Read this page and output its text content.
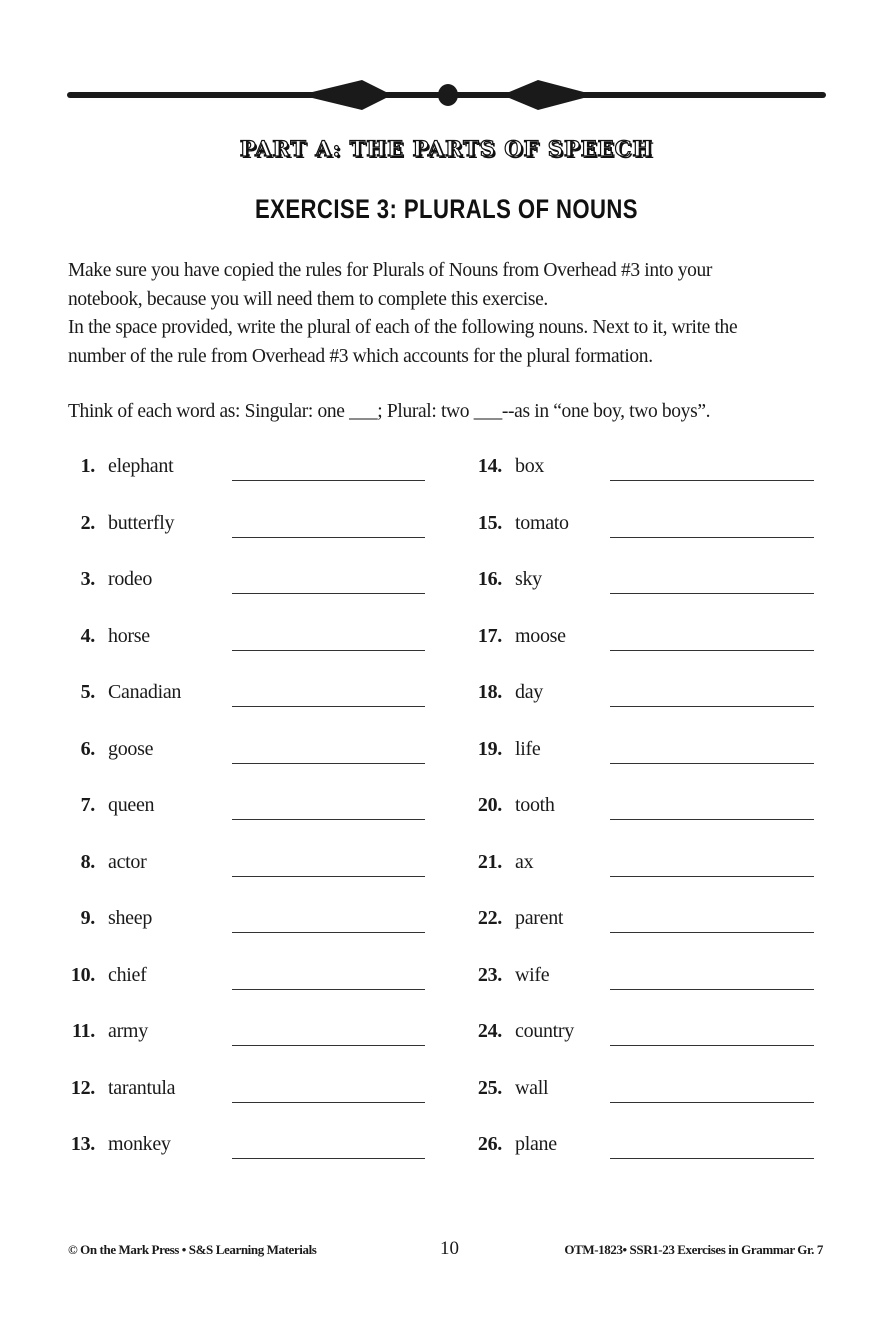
PART A: THE PARTS OF SPEECH
EXERCISE 3: PLURALS OF NOUNS
Make sure you have copied the rules for Plurals of Nouns from Overhead #3 into your
notebook, because you will need them to complete this exercise.
In the space provided, write the plural of each of the following nouns. Next to it, write the
number of the rule from Overhead #3 which accounts for the plural formation.
Think of each word as: Singular: one ___; Plural: two ___--as in “one boy, two boys”.
1. elephant
2. butterfly
3. rodeo
4. horse
5. Canadian
6. goose
7. queen
8. actor
9. sheep
10. chief
11. army
12. tarantula
13. monkey
14. box
15. tomato
16. sky
17. moose
18. day
19. life
20. tooth
21. ax
22. parent
23. wife
24. country
25. wall
26. plane
© On the Mark Press • S&S Learning Materials	10	OTM-1823• SSR1-23 Exercises in Grammar Gr. 7
